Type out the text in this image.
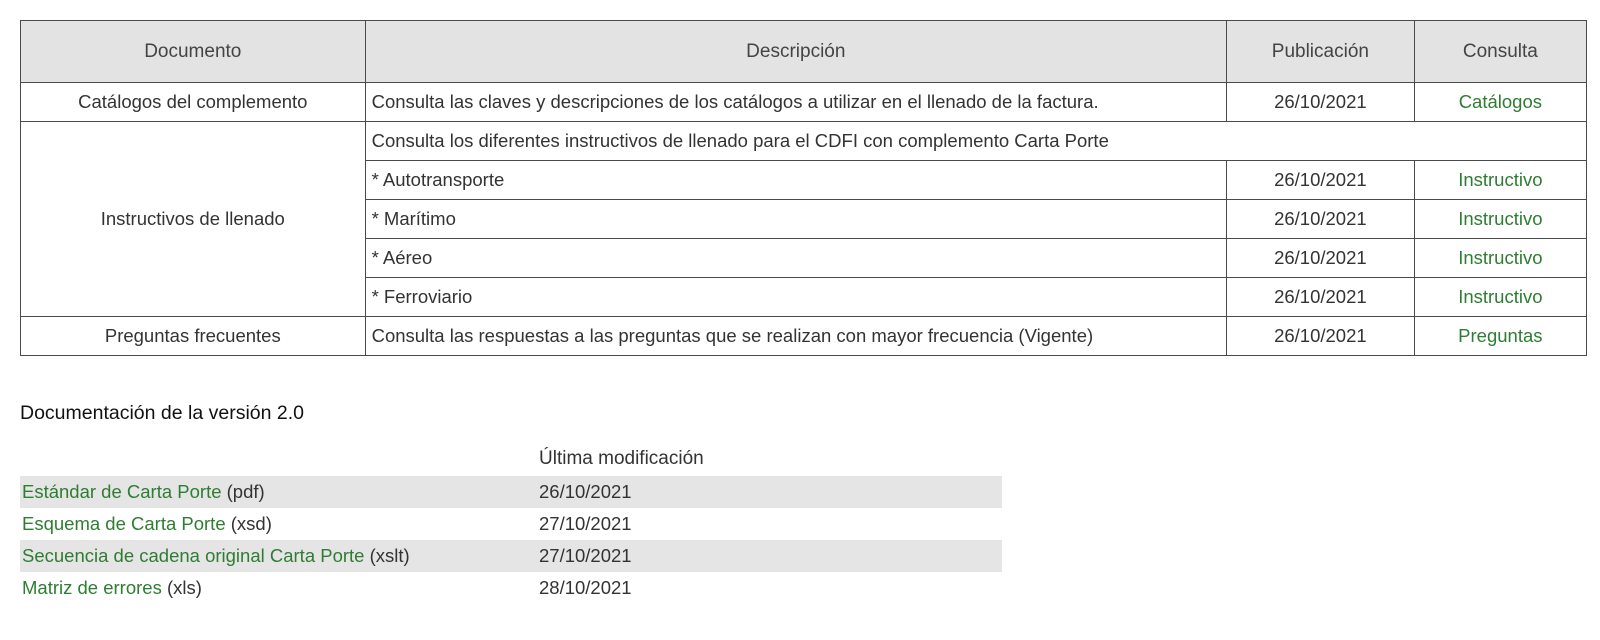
Documento	Descripción	Publicación	Consulta
Catálogos del complemento	Consulta las claves y descripciones de los catálogos a utilizar en el llenado de la factura.	26/10/2021	Catálogos
Instructivos de llenado	Consulta los diferentes instructivos de llenado para el CDFI con complemento Carta Porte		
	* Autotransporte	26/10/2021	Instructivo
	* Marítimo	26/10/2021	Instructivo
	* Aéreo	26/10/2021	Instructivo
	* Ferroviario	26/10/2021	Instructivo
Preguntas frecuentes	Consulta las respuestas a las preguntas que se realizan con mayor frecuencia (Vigente)	26/10/2021	Preguntas
Documentación de la versión 2.0
	Última modificación
Estándar de Carta Porte (pdf)	26/10/2021
Esquema de Carta Porte (xsd)	27/10/2021
Secuencia de cadena original Carta Porte (xslt)	27/10/2021
Matriz de errores (xls)	28/10/2021
